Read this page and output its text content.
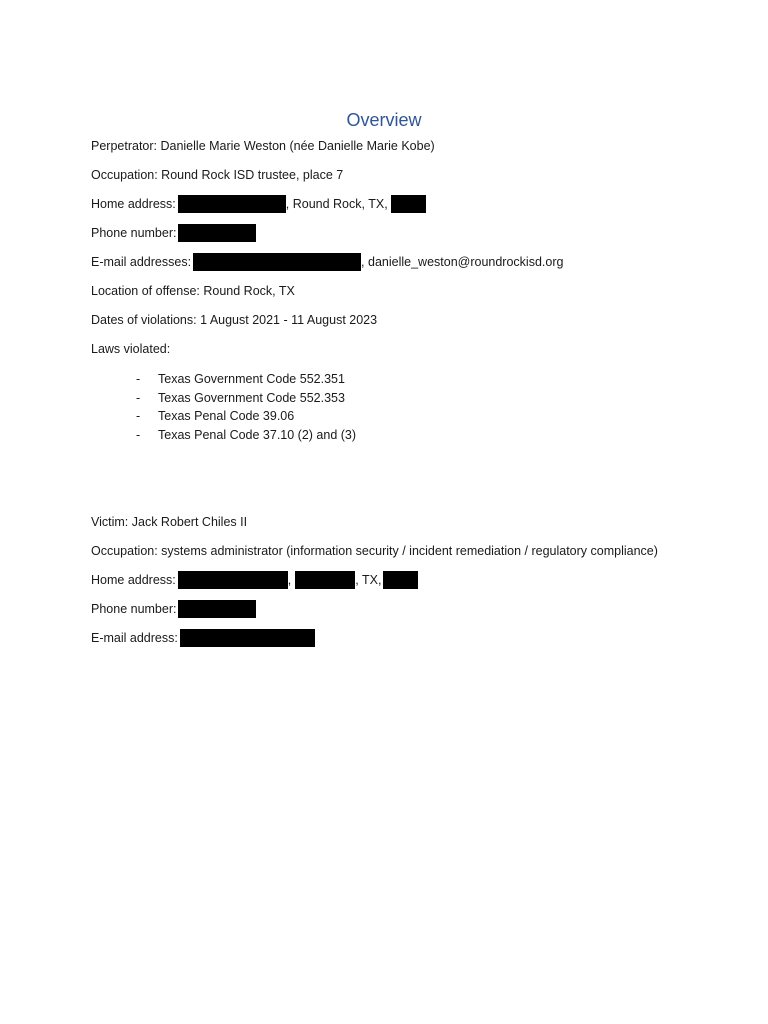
Overview
Perpetrator: Danielle Marie Weston (née Danielle Marie Kobe)
Occupation: Round Rock ISD trustee, place 7
Home address:	, Round Rock, TX,
Phone number:
E-mail addresses:	, danielle_weston@roundrockisd.org
Location of offense: Round Rock, TX
Dates of violations: 1 August 2021 - 11 August 2023
Laws violated:
-	Texas Government Code 552.351
-	Texas Government Code 552.353
-	Texas Penal Code 39.06
-	Texas Penal Code 37.10 (2) and (3)
Victim: Jack Robert Chiles II
Occupation: systems administrator (information security / incident remediation / regulatory compliance)
Home address:	,	, TX,
Phone number:
E-mail address:
